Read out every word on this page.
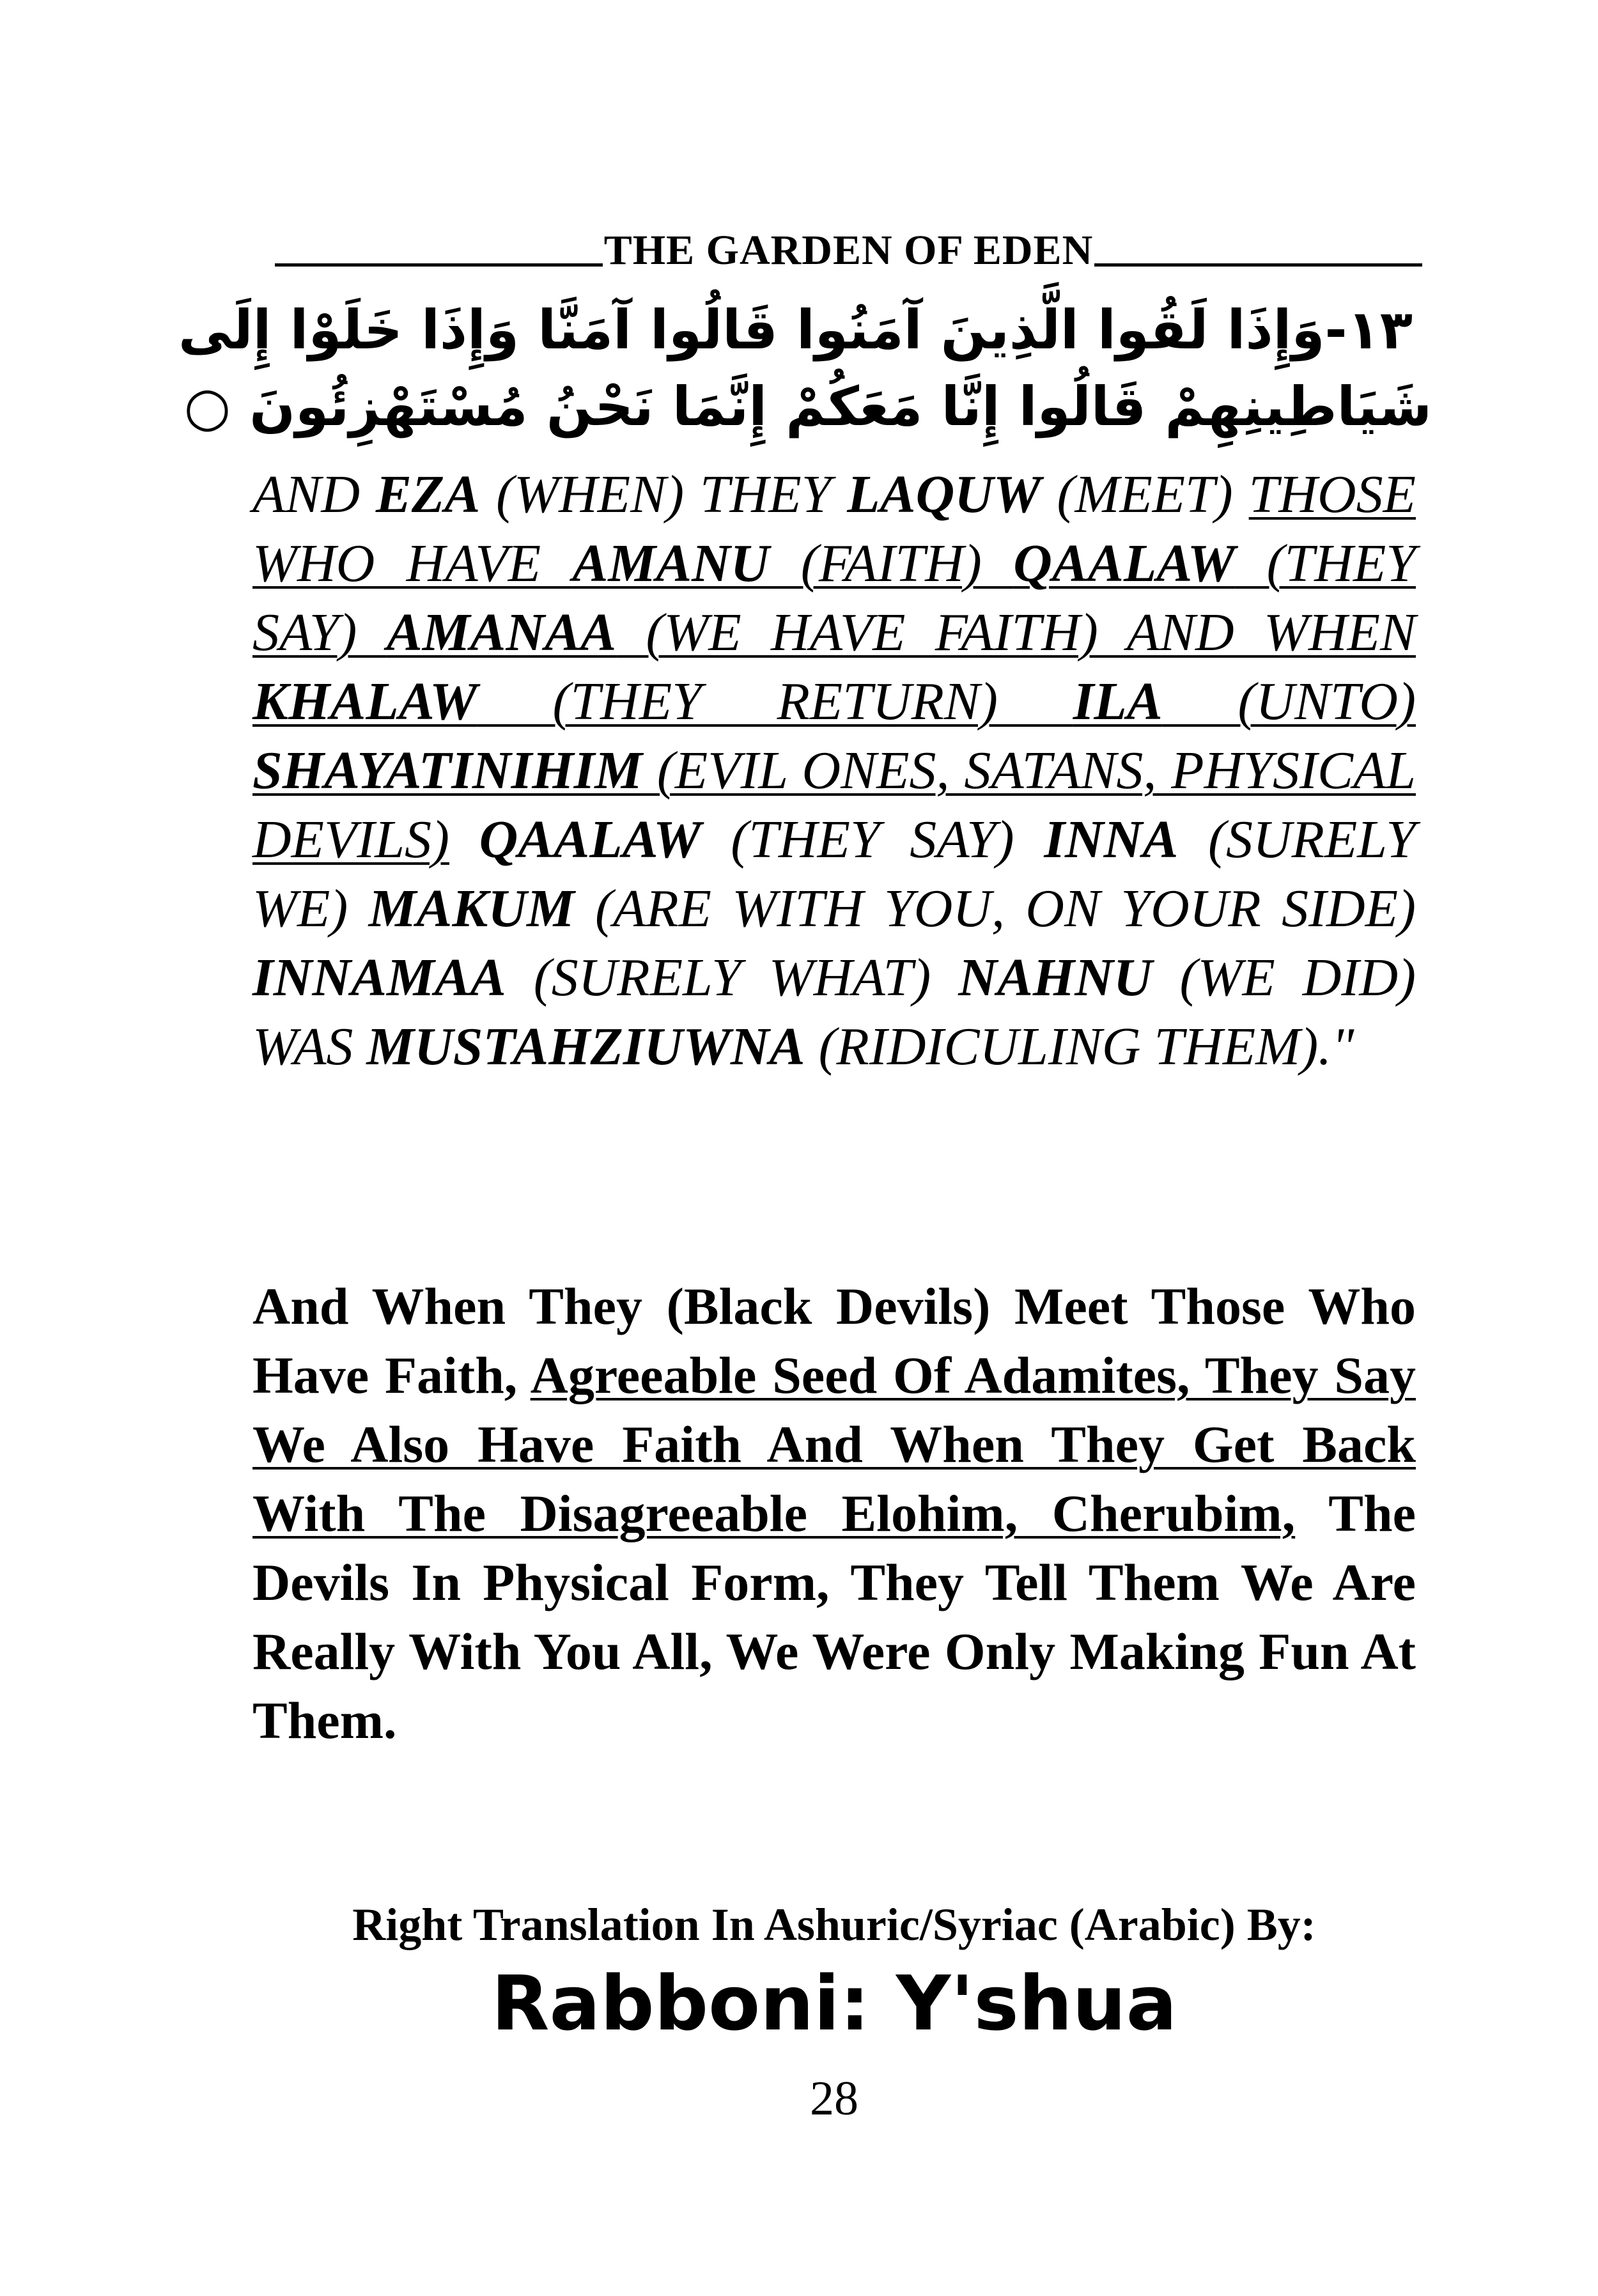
THE GARDEN OF EDEN
١٣-وَإِذَا لَقُوا الَّذِينَ آمَنُوا قَالُوا آمَنَّا وَإِذَا خَلَوْا إِلَى
شَيَاطِينِهِمْ قَالُوا إِنَّا مَعَكُمْ إِنَّمَا نَحْنُ مُسْتَهْزِئُونَ ○
AND EZA (WHEN) THEY LAQUW (MEET) THOSE WHO HAVE AMANU (FAITH) QAALAW (THEY SAY) AMANAA (WE HAVE FAITH) AND WHEN KHALAW (THEY RETURN) ILA (UNTO) SHAYATINIHIM (EVIL ONES, SATANS, PHYSICAL DEVILS) QAALAW (THEY SAY) INNA (SURELY WE) MAKUM (ARE WITH YOU, ON YOUR SIDE) INNAMAA (SURELY WHAT) NAHNU (WE DID) WAS MUSTAHZIUWNA (RIDICULING THEM)."
And When They (Black Devils) Meet Those Who Have Faith, Agreeable Seed Of Adamites, They Say We Also Have Faith And When They Get Back With The Disagreeable Elohim, Cherubim, The Devils In Physical Form, They Tell Them We Are Really With You All, We Were Only Making Fun At Them.
Right Translation In Ashuric/Syriac (Arabic) By:
Rabboni: Y'shua
28
